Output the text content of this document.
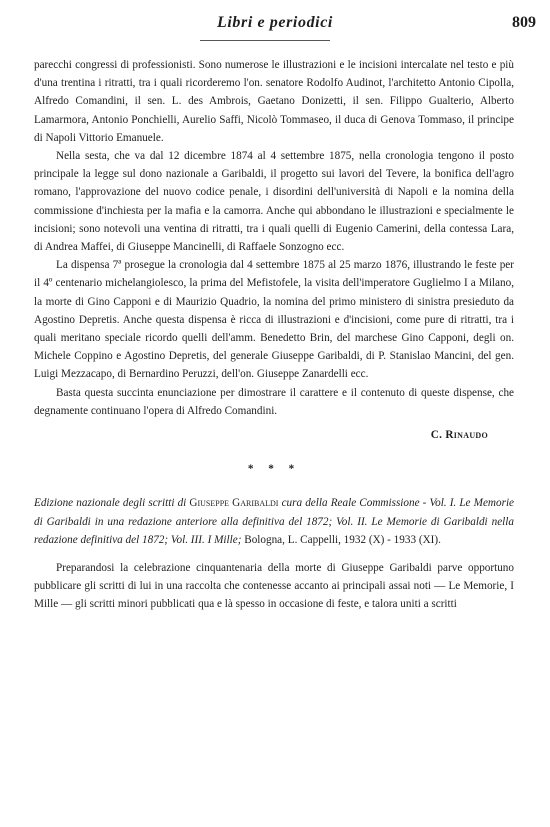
Libri e periodici	809

parecchi congressi di professionisti. Sono numerose le illustrazioni e le incisioni intercalate nel testo e più d'una trentina i ritratti, tra i quali ricorderemo l'on. senatore Rodolfo Audinot, l'architetto Antonio Cipolla, Alfredo Comandini, il sen. L. des Ambrois, Gaetano Donizetti, il sen. Filippo Gualterio, Alberto Lamarmora, Antonio Ponchielli, Aurelio Saffi, Nicolò Tommaseo, il duca di Genova Tommaso, il principe di Napoli Vittorio Emanuele.

Nella sesta, che va dal 12 dicembre 1874 al 4 settembre 1875, nella cronologia tengono il posto principale la legge sul dono nazionale a Garibaldi, il progetto sui lavori del Tevere, la bonifica dell'agro romano, l'approvazione del nuovo codice penale, i disordini dell'università di Napoli e la nomina della commissione d'inchiesta per la mafia e la camorra. Anche qui abbondano le illustrazioni e specialmente le incisioni; sono notevoli una ventina di ritratti, tra i quali quelli di Eugenio Camerini, della contessa Lara, di Andrea Maffei, di Giuseppe Mancinelli, di Raffaele Sonzogno ecc.

La dispensa 7ª prosegue la cronologia dal 4 settembre 1875 al 25 marzo 1876, illustrando le feste per il 4º centenario michelangiolesco, la prima del Mefistofele, la visita dell'imperatore Guglielmo I a Milano, la morte di Gino Capponi e di Maurizio Quadrio, la nomina del primo ministero di sinistra presieduto da Agostino Depretis. Anche questa dispensa è ricca di illustrazioni e d'incisioni, come pure di ritratti, tra i quali meritano speciale ricordo quelli dell'amm. Benedetto Brin, del marchese Gino Capponi, degli on. Michele Coppino e Agostino Depretis, del generale Giuseppe Garibaldi, di P. Stanislao Mancini, del gen. Luigi Mezzacapo, di Bernardino Peruzzi, dell'on. Giuseppe Zanardelli ecc.

Basta questa succinta enunciazione per dimostrare il carattere e il contenuto di queste dispense, che degnamente continuano l'opera di Alfredo Comandini.

C. Rinaudo
* * *

Edizione nazionale degli scritti di Giuseppe Garibaldi cura della Reale Commissione - Vol. I. Le Memorie di Garibaldi in una redazione anteriore alla definitiva del 1872; Vol. II. Le Memorie di Garibaldi nella redazione definitiva del 1872; Vol. III. I Mille; Bologna, L. Cappelli, 1932 (X) - 1933 (XI).

Preparandosi la celebrazione cinquantenaria della morte di Giuseppe Garibaldi parve opportuno pubblicare gli scritti di lui in una raccolta che contenesse accanto ai principali assai noti — Le Memorie, I Mille — gli scritti minori pubblicati qua e là spesso in occasione di feste, e talora uniti a scritti
